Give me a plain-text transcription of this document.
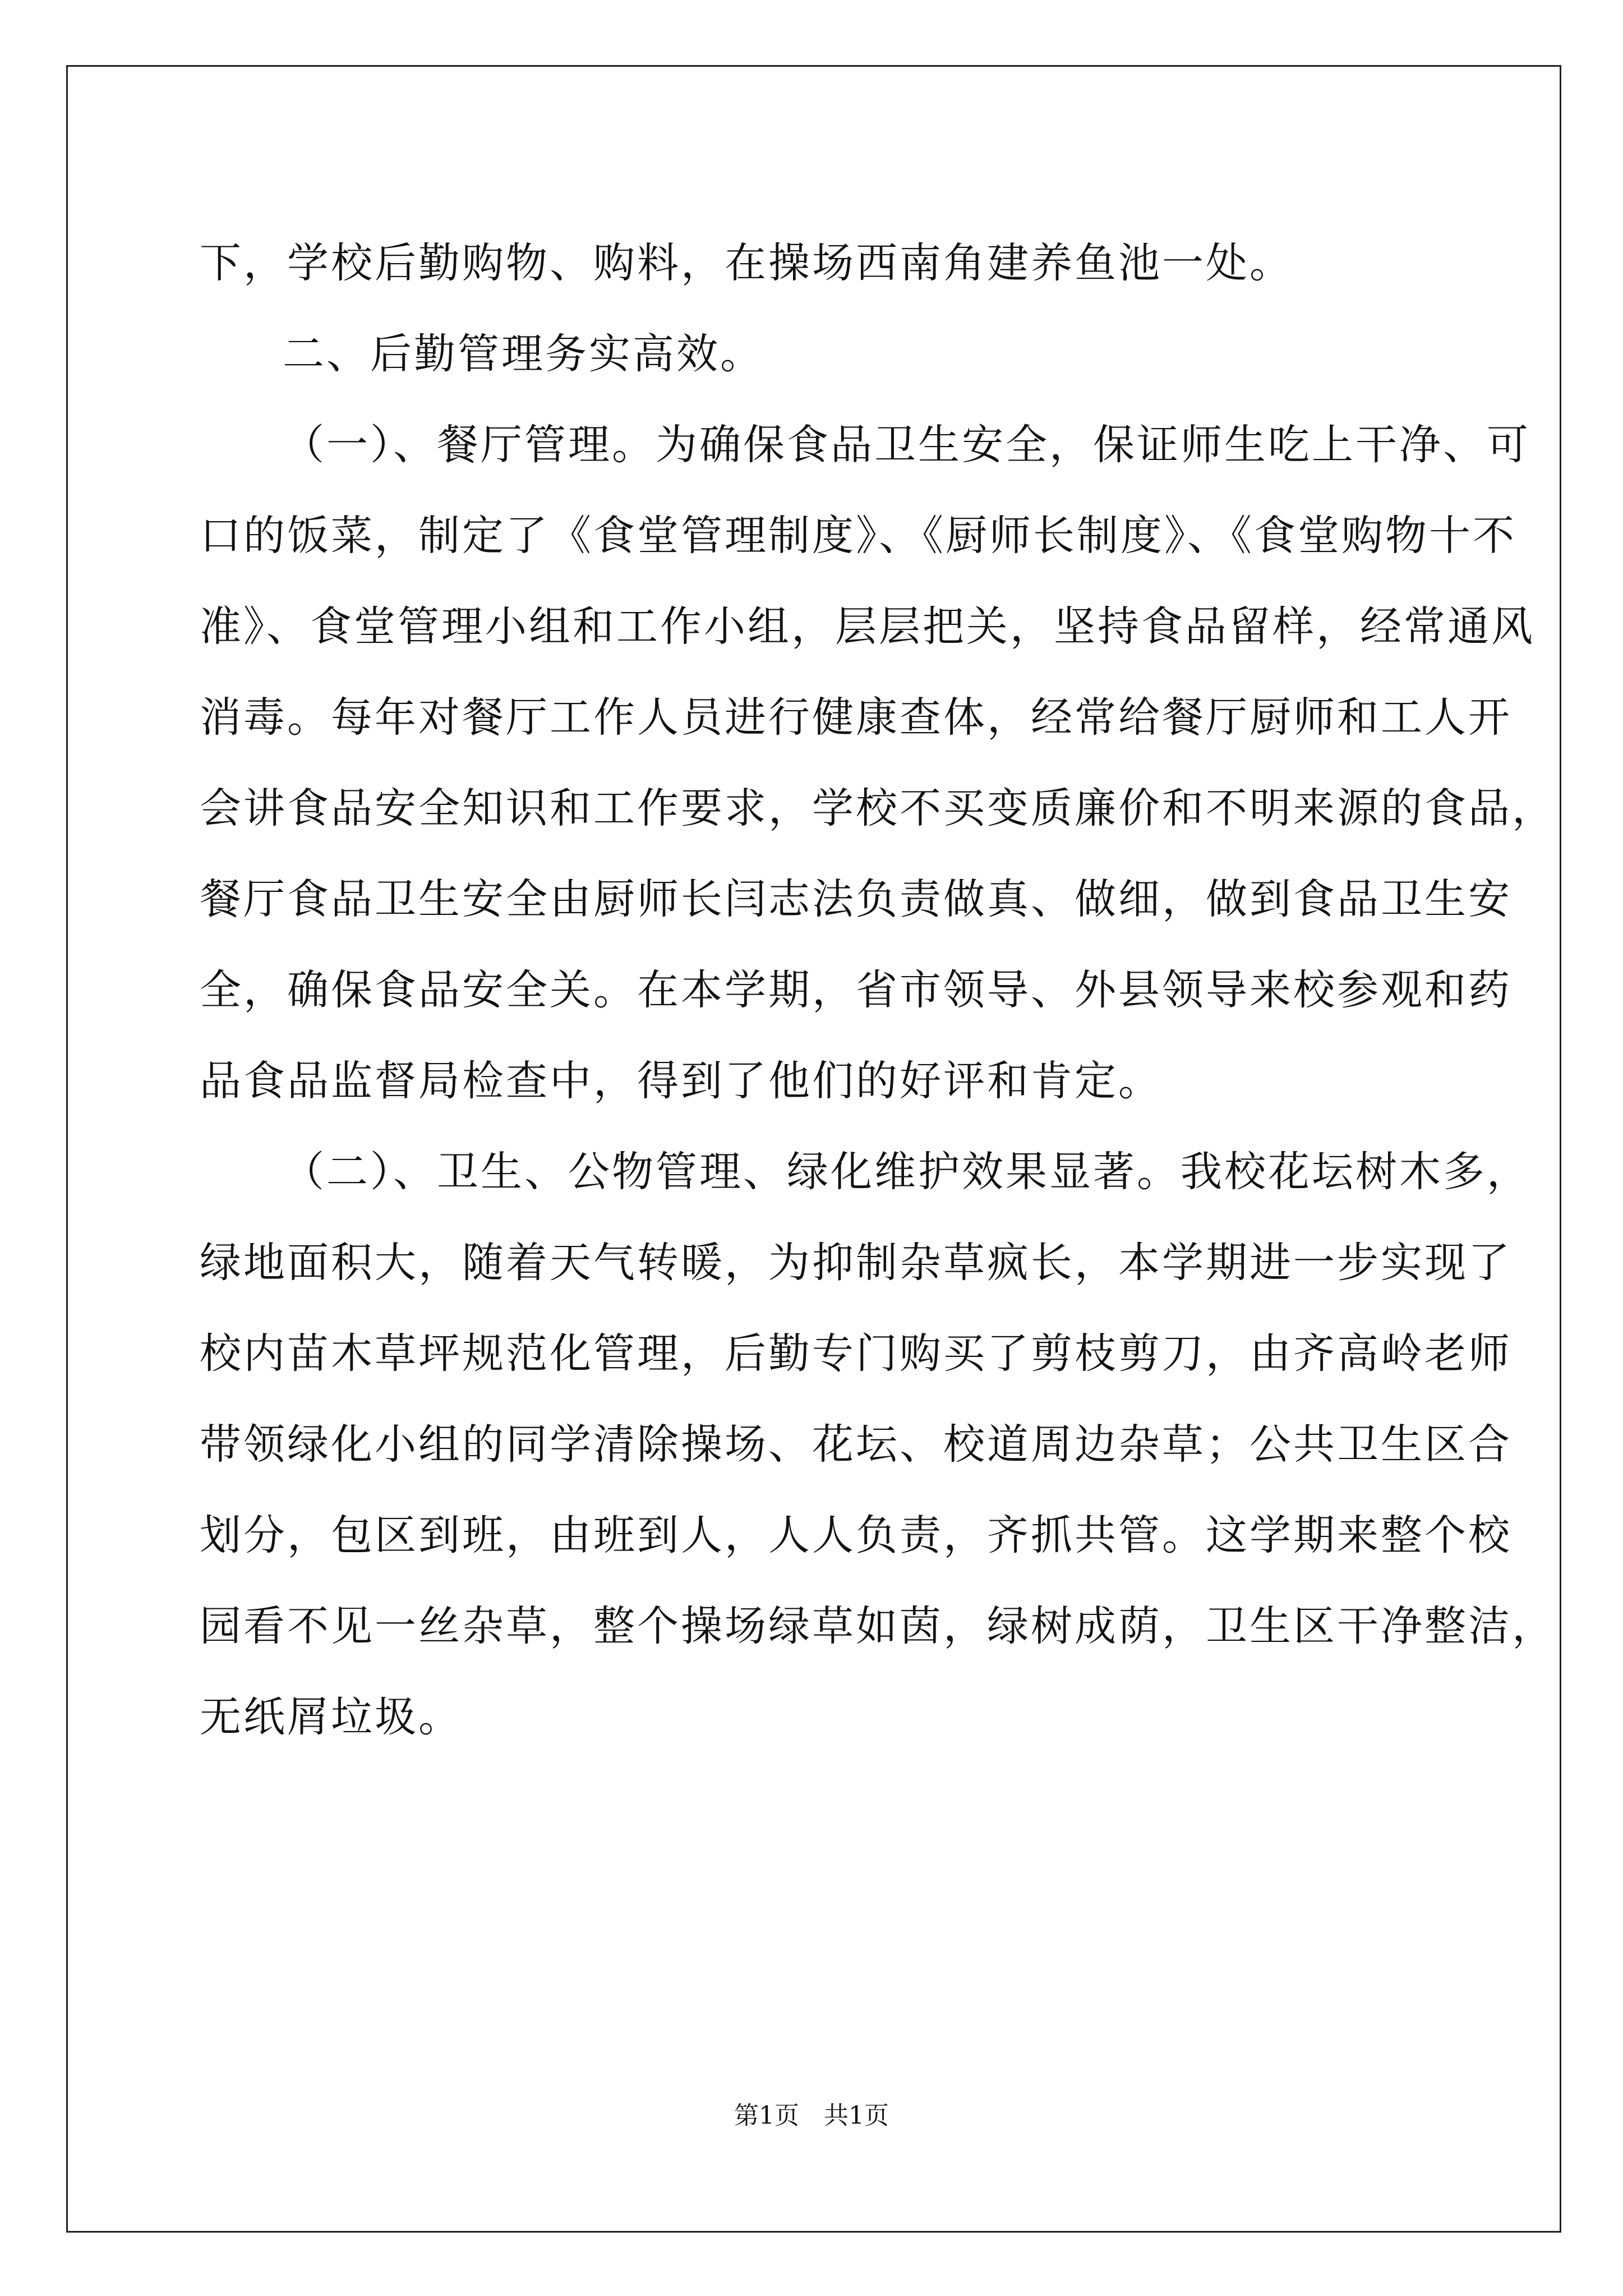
下，学校后勤购物、购料，在操场西南角建养鱼池一处。
二、后勤管理务实高效。
（一）、餐厅管理。为确保食品卫生安全，保证师生吃上干净、可
口的饭菜，制定了《食堂管理制度》、《厨师长制度》、《食堂购物十不
准》、食堂管理小组和工作小组，层层把关，坚持食品留样，经常通风
消毒。每年对餐厅工作人员进行健康查体，经常给餐厅厨师和工人开
会讲食品安全知识和工作要求，学校不买变质廉价和不明来源的食品，
餐厅食品卫生安全由厨师长闫志法负责做真、做细，做到食品卫生安
全，确保食品安全关。在本学期，省市领导、外县领导来校参观和药
品食品监督局检查中，得到了他们的好评和肯定。
（二）、卫生、公物管理、绿化维护效果显著。我校花坛树木多，
绿地面积大，随着天气转暖，为抑制杂草疯长，本学期进一步实现了
校内苗木草坪规范化管理，后勤专门购买了剪枝剪刀，由齐高岭老师
带领绿化小组的同学清除操场、花坛、校道周边杂草；公共卫生区合
划分，包区到班，由班到人，人人负责，齐抓共管。这学期来整个校
园看不见一丝杂草，整个操场绿草如茵，绿树成荫，卫生区干净整洁，
无纸屑垃圾。
第1页　共1页
